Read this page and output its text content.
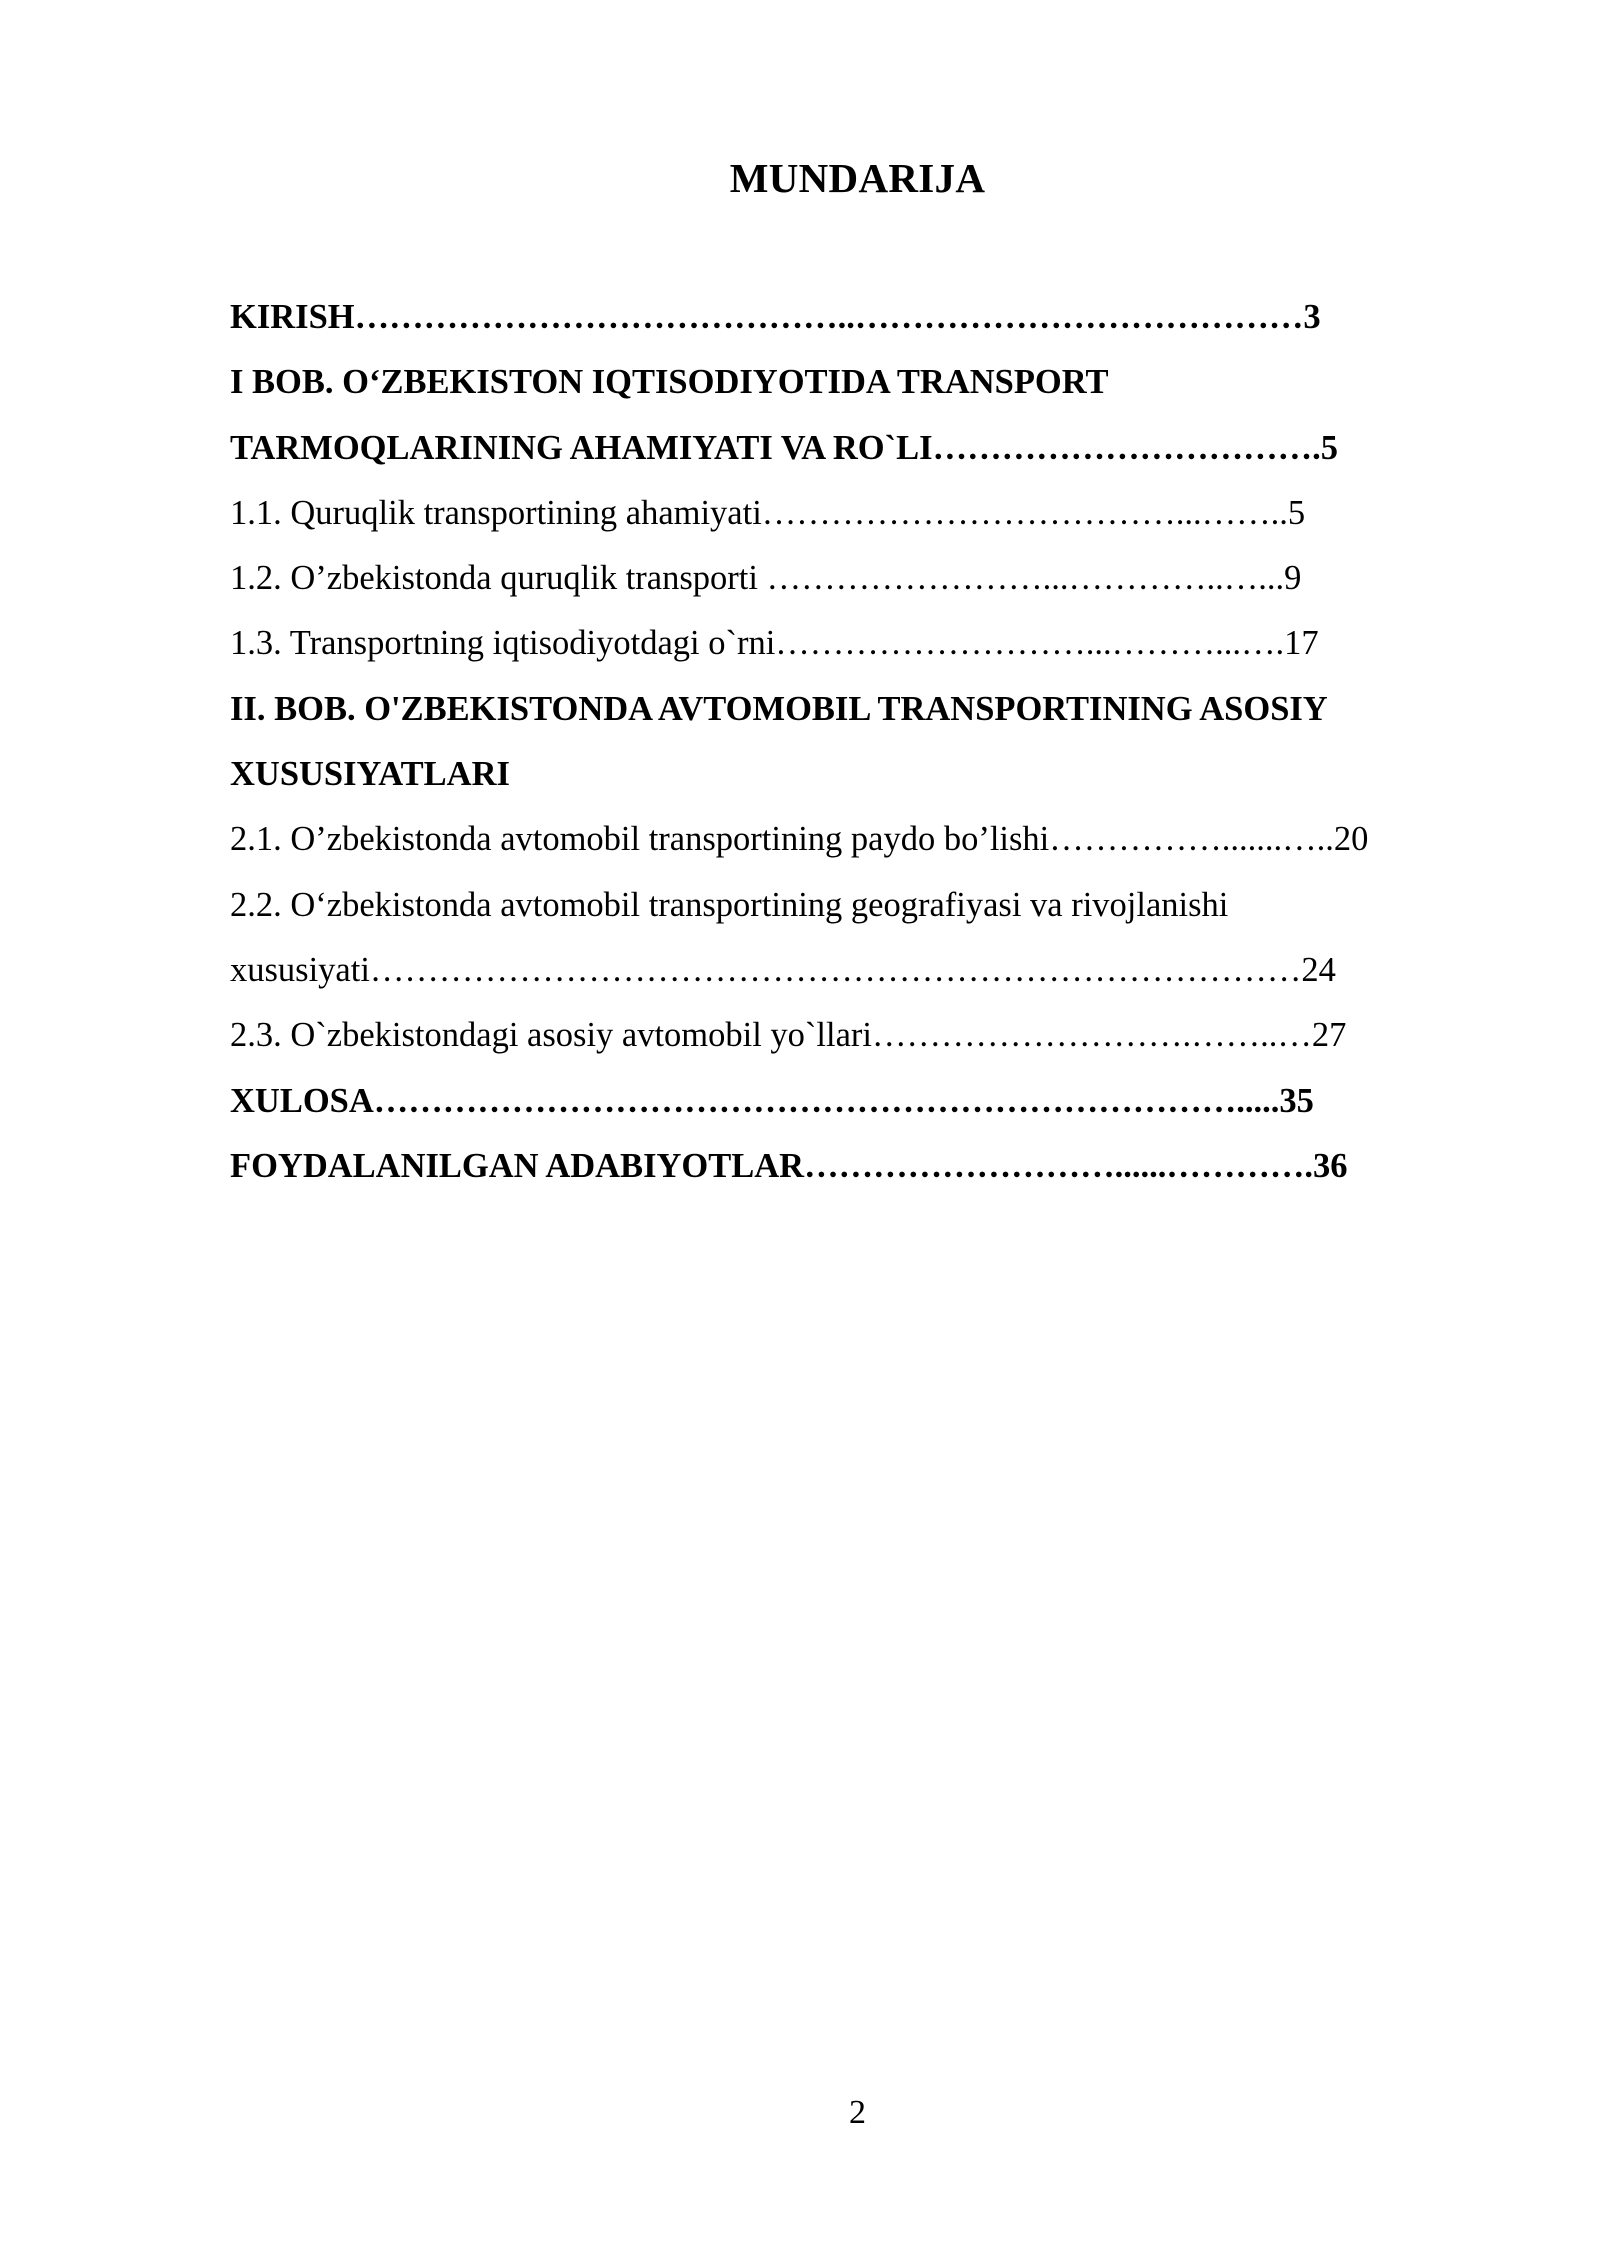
MUNDARIJA
KIRISH……………………………………..…………………………………3
I BOB. O‘ZBEKISTON IQTISODIYOTIDA TRANSPORT
TARMOQLARINING AHAMIYATI VA RO`LI…………………………….5
1.1. Quruqlik transportining ahamiyati………………………………...……..5
1.2. O’zbekistonda quruqlik transporti ……………………...…………..…...9
1.3. Transportning iqtisodiyotdagi o`rni………………………...………...….17
II. BOB. O'ZBEKISTONDA AVTOMOBIL TRANSPORTINING ASOSIY
XUSUSIYATLARI
2.1. O’zbekistonda avtomobil transportining paydo bo’lishi…………….......…..20
2.2. O‘zbekistonda avtomobil transportining geografiyasi va rivojlanishi
xususiyati………………………………………………………………………24
2.3. O`zbekistondagi asosiy avtomobil yo`llari……………………….……..…27
XULOSA………………………………………………………………….....35
FOYDALANILGAN ADABIYOTLAR………………………......………….36
2
